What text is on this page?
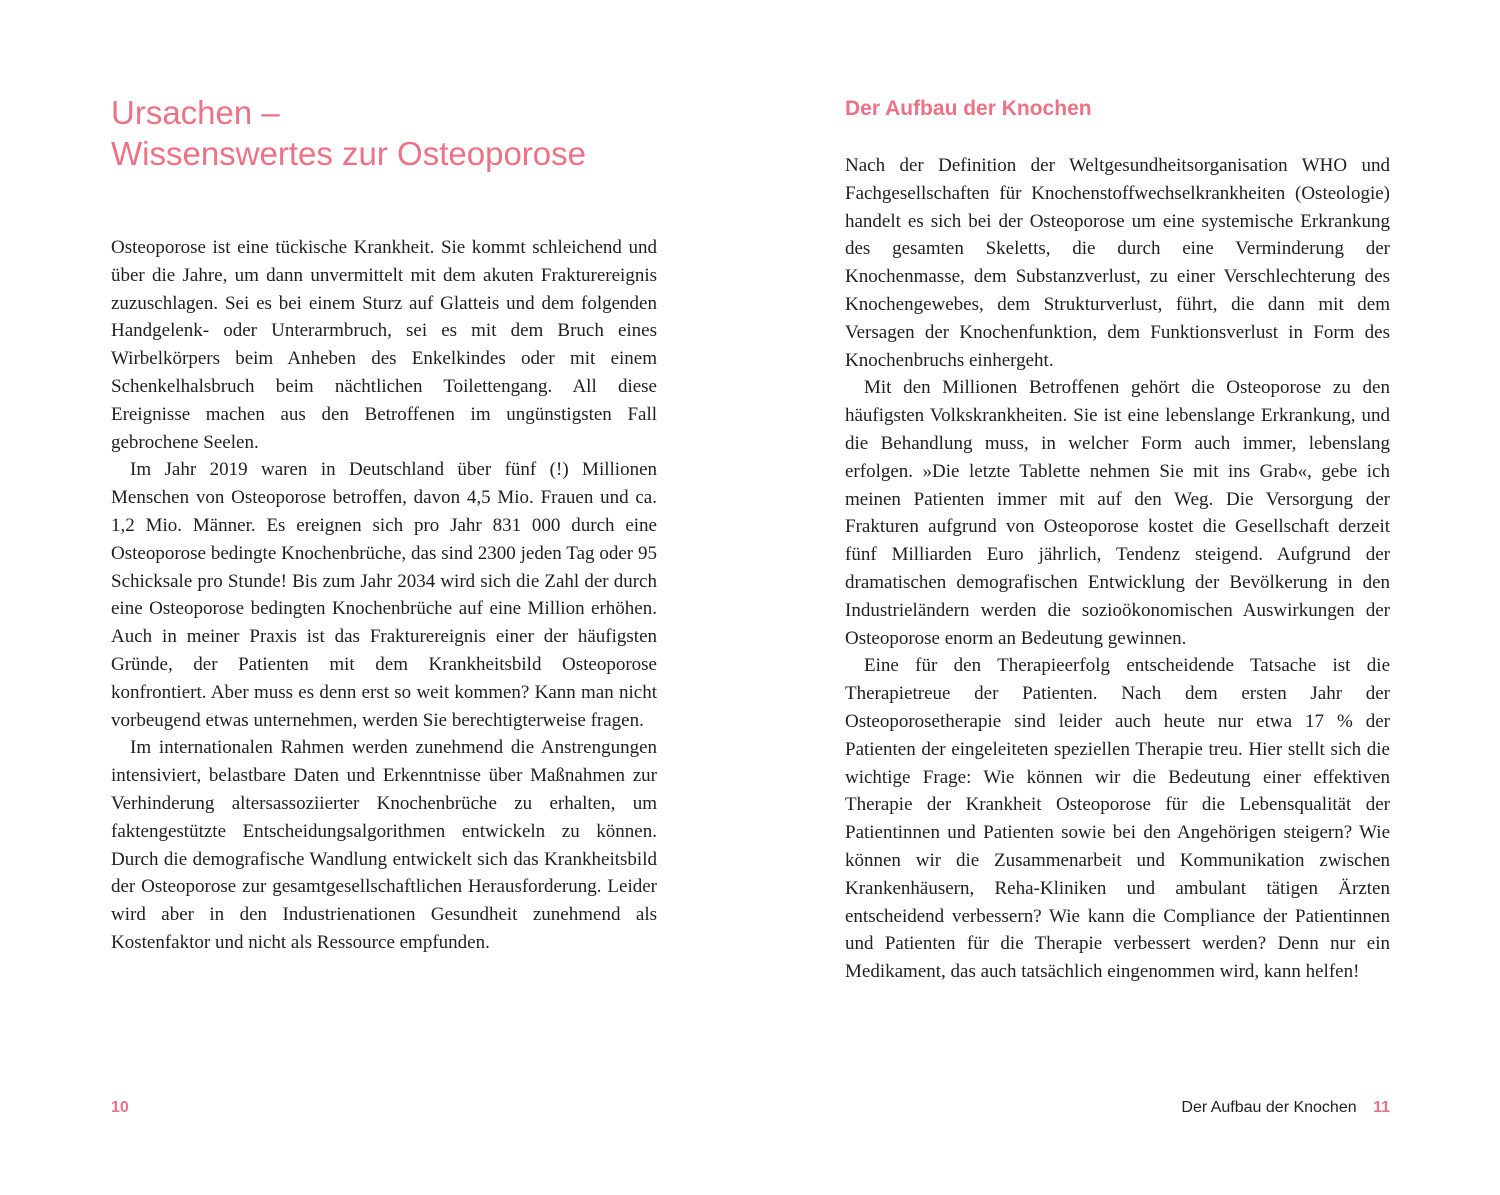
Ursachen –
Wissenswertes zur Osteoporose

Osteoporose ist eine tückische Krankheit. Sie kommt schleichend und über die Jahre, um dann unvermittelt mit dem akuten Frakturereignis zuzuschlagen. Sei es bei einem Sturz auf Glatteis und dem folgenden Handgelenk- oder Unterarmbruch, sei es mit dem Bruch eines Wirbelkörpers beim Anheben des Enkelkindes oder mit einem Schenkelhalsbruch beim nächtlichen Toilettengang. All diese Ereignisse machen aus den Betroffenen im ungünstigsten Fall gebrochene Seelen.

Im Jahr 2019 waren in Deutschland über fünf (!) Millionen Menschen von Osteoporose betroffen, davon 4,5 Mio. Frauen und ca. 1,2 Mio. Männer. Es ereignen sich pro Jahr 831 000 durch eine Osteoporose bedingte Knochenbrüche, das sind 2300 jeden Tag oder 95 Schicksale pro Stunde! Bis zum Jahr 2034 wird sich die Zahl der durch eine Osteoporose bedingten Knochenbrüche auf eine Million erhöhen. Auch in meiner Praxis ist das Frakturereignis einer der häufigsten Gründe, der Patienten mit dem Krankheitsbild Osteoporose konfrontiert. Aber muss es denn erst so weit kommen? Kann man nicht vorbeugend etwas unternehmen, werden Sie berechtigterweise fragen.

Im internationalen Rahmen werden zunehmend die Anstrengungen intensiviert, belastbare Daten und Erkenntnisse über Maßnahmen zur Verhinderung altersassoziierter Knochenbrüche zu erhalten, um faktengestützte Entscheidungsalgorithmen entwickeln zu können. Durch die demografische Wandlung entwickelt sich das Krankheitsbild der Osteoporose zur gesamtgesellschaftlichen Herausforderung. Leider wird aber in den Industrienationen Gesundheit zunehmend als Kostenfaktor und nicht als Ressource empfunden.

10
Der Aufbau der Knochen

Nach der Definition der Weltgesundheitsorganisation WHO und Fachgesellschaften für Knochenstoffwechselkrankheiten (Osteologie) handelt es sich bei der Osteoporose um eine systemische Erkrankung des gesamten Skeletts, die durch eine Verminderung der Knochenmasse, dem Substanzverlust, zu einer Verschlechterung des Knochengewebes, dem Strukturverlust, führt, die dann mit dem Versagen der Knochenfunktion, dem Funktionsverlust in Form des Knochenbruchs einhergeht.

Mit den Millionen Betroffenen gehört die Osteoporose zu den häufigsten Volkskrankheiten. Sie ist eine lebenslange Erkrankung, und die Behandlung muss, in welcher Form auch immer, lebenslang erfolgen. »Die letzte Tablette nehmen Sie mit ins Grab«, gebe ich meinen Patienten immer mit auf den Weg. Die Versorgung der Frakturen aufgrund von Osteoporose kostet die Gesellschaft derzeit fünf Milliarden Euro jährlich, Tendenz steigend. Aufgrund der dramatischen demografischen Entwicklung der Bevölkerung in den Industrieländern werden die sozioökonomischen Auswirkungen der Osteoporose enorm an Bedeutung gewinnen.

Eine für den Therapieerfolg entscheidende Tatsache ist die Therapietreue der Patienten. Nach dem ersten Jahr der Osteoporosetherapie sind leider auch heute nur etwa 17 % der Patienten der eingeleiteten speziellen Therapie treu. Hier stellt sich die wichtige Frage: Wie können wir die Bedeutung einer effektiven Therapie der Krankheit Osteoporose für die Lebensqualität der Patientinnen und Patienten sowie bei den Angehörigen steigern? Wie können wir die Zusammenarbeit und Kommunikation zwischen Krankenhäusern, Reha-Kliniken und ambulant tätigen Ärzten entscheidend verbessern? Wie kann die Compliance der Patientinnen und Patienten für die Therapie verbessert werden? Denn nur ein Medikament, das auch tatsächlich eingenommen wird, kann helfen!

Der Aufbau der Knochen 11
